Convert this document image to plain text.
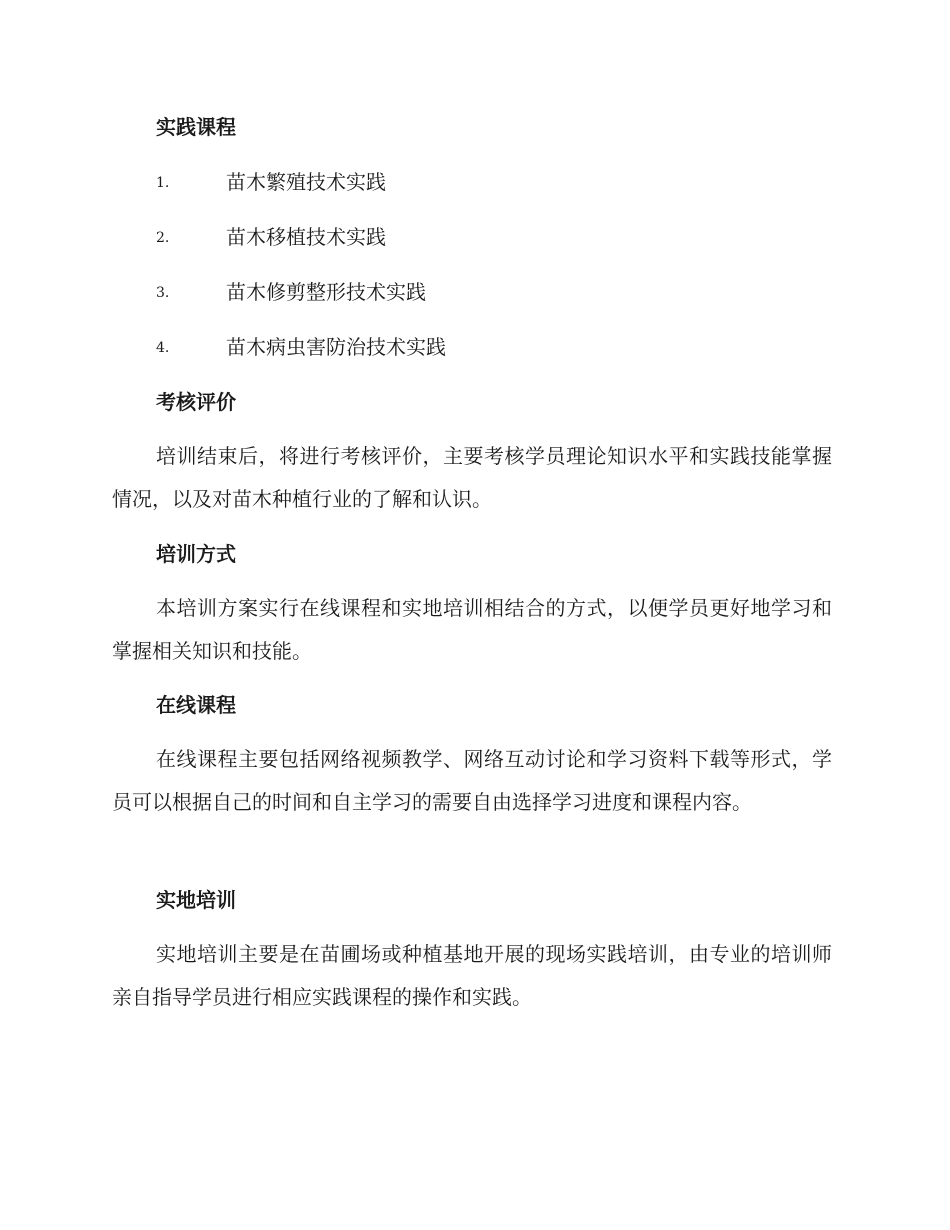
实践课程
1.	苗木繁殖技术实践
2.	苗木移植技术实践
3.	苗木修剪整形技术实践
4.	苗木病虫害防治技术实践
考核评价

培训结束后，将进行考核评价，主要考核学员理论知识水平和实践技能掌握情况，以及对苗木种植行业的了解和认识。

培训方式

本培训方案实行在线课程和实地培训相结合的方式，以便学员更好地学习和掌握相关知识和技能。

在线课程

在线课程主要包括网络视频教学、网络互动讨论和学习资料下载等形式，学员可以根据自己的时间和自主学习的需要自由选择学习进度和课程内容。

实地培训

实地培训主要是在苗圃场或种植基地开展的现场实践培训，由专业的培训师亲自指导学员进行相应实践课程的操作和实践。
